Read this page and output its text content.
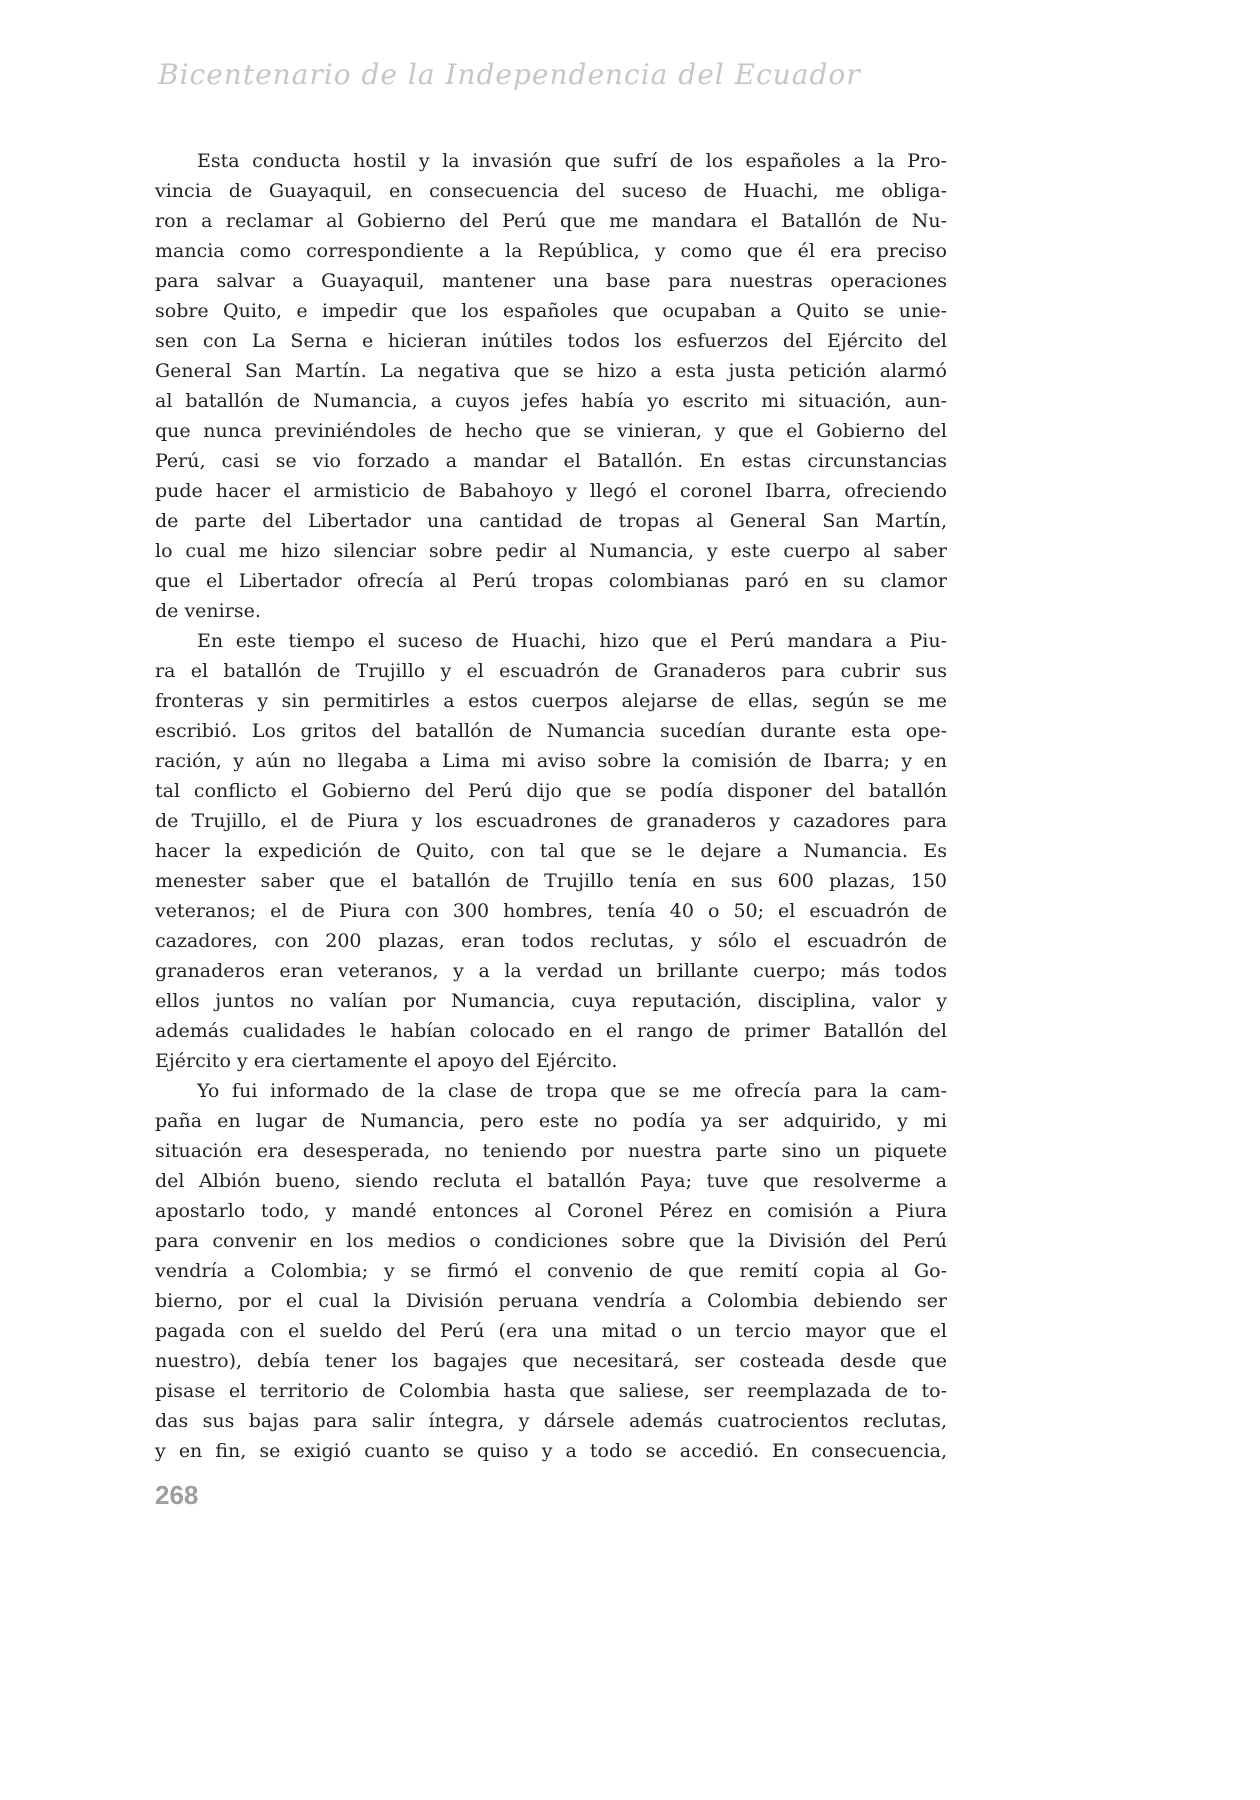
Bicentenario de la Independencia del Ecuador
Esta conducta hostil y la invasión que sufrí de los españoles a la Pro-
vincia de Guayaquil, en consecuencia del suceso de Huachi, me obliga-
ron a reclamar al Gobierno del Perú que me mandara el Batallón de Nu-
mancia como correspondiente a la República, y como que él era preciso
para salvar a Guayaquil, mantener una base para nuestras operaciones
sobre Quito, e impedir que los españoles que ocupaban a Quito se unie-
sen con La Serna e hicieran inútiles todos los esfuerzos del Ejército del
General San Martín. La negativa que se hizo a esta justa petición alarmó
al batallón de Numancia, a cuyos jefes había yo escrito mi situación, aun-
que nunca previniéndoles de hecho que se vinieran, y que el Gobierno del
Perú, casi se vio forzado a mandar el Batallón. En estas circunstancias
pude hacer el armisticio de Babahoyo y llegó el coronel Ibarra, ofreciendo
de parte del Libertador una cantidad de tropas al General San Martín,
lo cual me hizo silenciar sobre pedir al Numancia, y este cuerpo al saber
que el Libertador ofrecía al Perú tropas colombianas paró en su clamor
de venirse.
En este tiempo el suceso de Huachi, hizo que el Perú mandara a Piu-
ra el batallón de Trujillo y el escuadrón de Granaderos para cubrir sus
fronteras y sin permitirles a estos cuerpos alejarse de ellas, según se me
escribió. Los gritos del batallón de Numancia sucedían durante esta ope-
ración, y aún no llegaba a Lima mi aviso sobre la comisión de Ibarra; y en
tal conflicto el Gobierno del Perú dijo que se podía disponer del batallón
de Trujillo, el de Piura y los escuadrones de granaderos y cazadores para
hacer la expedición de Quito, con tal que se le dejare a Numancia. Es
menester saber que el batallón de Trujillo tenía en sus 600 plazas, 150
veteranos; el de Piura con 300 hombres, tenía 40 o 50; el escuadrón de
cazadores, con 200 plazas, eran todos reclutas, y sólo el escuadrón de
granaderos eran veteranos, y a la verdad un brillante cuerpo; más todos
ellos juntos no valían por Numancia, cuya reputación, disciplina, valor y
además cualidades le habían colocado en el rango de primer Batallón del
Ejército y era ciertamente el apoyo del Ejército.
Yo fui informado de la clase de tropa que se me ofrecía para la cam-
paña en lugar de Numancia, pero este no podía ya ser adquirido, y mi
situación era desesperada, no teniendo por nuestra parte sino un piquete
del Albión bueno, siendo recluta el batallón Paya; tuve que resolverme a
apostarlo todo, y mandé entonces al Coronel Pérez en comisión a Piura
para convenir en los medios o condiciones sobre que la División del Perú
vendría a Colombia; y se firmó el convenio de que remití copia al Go-
bierno, por el cual la División peruana vendría a Colombia debiendo ser
pagada con el sueldo del Perú (era una mitad o un tercio mayor que el
nuestro), debía tener los bagajes que necesitará, ser costeada desde que
pisase el territorio de Colombia hasta que saliese, ser reemplazada de to-
das sus bajas para salir íntegra, y dársele además cuatrocientos reclutas,
y en fin, se exigió cuanto se quiso y a todo se accedió. En consecuencia,
268
